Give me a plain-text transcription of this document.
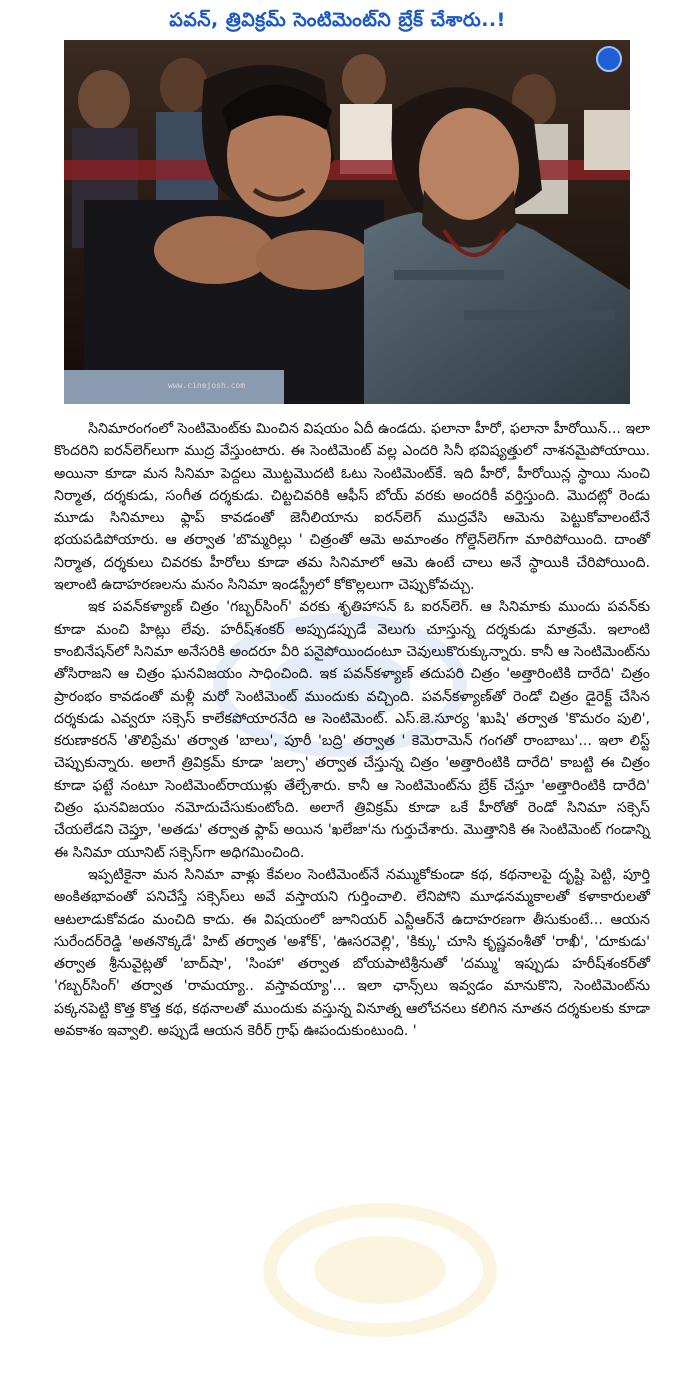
పవన్, త్రివిక్రమ్ సెంటిమెంట్‌ని బ్రేక్ చేశారు..!
www.cinejosh.com

సినిమారంగంలో సెంటిమెంట్‌కు మించిన విషయం ఏదీ ఉండదు. ఫలానా హీరో, ఫలానా హీరోయిన్... ఇలా కొందరిని ఐరన్‌లెగ్‌లుగా ముద్ర వేస్తుంటారు. ఈ సెంటిమెంట్ వల్ల ఎందరి సినీ భవిష్యత్తులో నాశనమైపోయాయి. అయినా కూడా మన సినిమా పెద్దలు మొట్టమొదటి ఓటు సెంటిమెంట్‌కే. ఇది హీరో, హీరోయిన్ల స్థాయి నుంచి నిర్మాత, దర్శకుడు, సంగీత దర్శకుడు. చిట్టచివరికి ఆఫీస్ బోయ్ వరకు అందరికీ వర్తిస్తుంది. మొదట్లో రెండు మూడు సినిమాలు ఫ్లాప్ కావడంతో జెనీలియాను ఐరన్‌లెగ్ ముద్రవేసి ఆమెను పెట్టుకోవాలంటేనే భయపడిపోయారు. ఆ తర్వాత 'బొమ్మరిల్లు ' చిత్రంతో ఆమె అమాంతం గోల్డెన్‌లెగ్‌గా మారిపోయింది. దాంతో నిర్మాత, దర్శకులు చివరకు హీరోలు కూడా తమ సినిమాలో ఆమె ఉంటే చాలు అనే స్థాయికి చేరిపోయింది. ఇలాంటి ఉదాహరణలను మనం సినిమా ఇండస్ట్రీలో కోకొల్లలుగా చెప్పుకోవచ్చు.

ఇక పవన్‌కళ్యాణ్ చిత్రం 'గబ్బర్‌సింగ్' వరకు శృతిహాసన్ ఓ ఐరన్‌లెగ్. ఆ సినిమాకు ముందు పవన్‌కు కూడా మంచి హిట్లు లేవు. హరీష్‌శంకర్ అప్పుడప్పుడే వెలుగు చూస్తున్న దర్శకుడు మాత్రమే. ఇలాంటి కాంబినేషన్‌లో సినిమా అనేసరికి అందరూ వీరి పనైపోయిందంటూ చెవులుకొరుక్కున్నారు. కానీ ఆ సెంటిమెంట్‌ను తోసిరాజని ఆ చిత్రం ఘనవిజయం సాధించింది. ఇక పవన్‌కళ్యాణ్ తదుపరి చిత్రం 'అత్తారింటికి దారేది' చిత్రం ప్రారంభం కావడంతో మళ్లీ మరో సెంటిమెంట్ ముందుకు వచ్చింది. పవన్‌కళ్యాణ్‌తో రెండో చిత్రం డైరెక్ట్ చేసిన దర్శకుడు ఎవ్వరూ సక్సెస్ కాలేకపోయారనేది ఆ సెంటిమెంట్. ఎస్.జె.సూర్య 'ఖుషి' తర్వాత 'కొమరం పులి', కరుణాకరన్ 'తొలిప్రేమ' తర్వాత 'బాలు', పూరీ 'బద్రి' తర్వాత ' కెమెరామెన్ గంగతో రాంబాబు'... ఇలా లిస్ట్ చెప్పుకున్నారు. అలాగే త్రివిక్రమ్ కూడా 'జల్సా' తర్వాత చేస్తున్న చిత్రం 'అత్తారింటికి దారేది' కాబట్టి ఈ చిత్రం కూడా ఫట్టే నంటూ సెంటిమెంట్‌రాయుళ్లు తేల్చేశారు. కానీ ఆ సెంటిమెంట్‌ను బ్రేక్ చేస్తూ 'అత్తారింటికి దారేది' చిత్రం ఘనవిజయం నమోదుచేసుకుంటోంది. అలాగే త్రివిక్రమ్ కూడా ఒకే హీరోతో రెండో సినిమా సక్సెస్ చేయలేడని చెప్తూ, 'అతడు' తర్వాత ఫ్లాప్ అయిన 'ఖలేజా'ను గుర్తుచేశారు. మొత్తానికి ఈ సెంటిమెంట్ గండాన్ని ఈ సినిమా యూనిట్ సక్సెస్‌గా అధిగమించింది.

ఇప్పటికైనా మన సినిమా వాళ్లు కేవలం సెంటిమెంట్‌నే నమ్ముకోకుండా కథ, కథనాలపై దృష్టి పెట్టి, పూర్తి అంకితభావంతో పనిచేస్తే సక్సెస్‌లు అవే వస్తాయని గుర్తించాలి. లేనిపోని మూఢనమ్మకాలతో కళాకారులతో ఆటలాడుకోవడం మంచిది కాదు. ఈ విషయంలో జూనియర్ ఎన్టీఆర్‌నే ఉదాహరణగా తీసుకుంటే... ఆయన సురేందర్‌రెడ్డి 'అతనొక్కడే' హిట్ తర్వాత 'అశోక్', 'ఊసరవెల్లి', 'కిక్కు' చూసి కృష్ణవంశీతో 'రాఖీ', 'దూకుడు' తర్వాత శ్రీనువైట్లతో 'బాద్‌షా', 'సింహా' తర్వాత బోయపాటిశ్రీనుతో 'దమ్ము' ఇప్పుడు హరీష్‌శంకర్‌తో 'గబ్బర్‌సింగ్' తర్వాత 'రామయ్యా.. వస్తావయ్యా'... ఇలా ఛాన్స్‌లు ఇవ్వడం మానుకొని, సెంటిమెంట్‌ను పక్కనపెట్టి కొత్త కొత్త కథ, కథనాలతో ముందుకు వస్తున్న వినూత్న ఆలోచనలు కలిగిన నూతన దర్శకులకు కూడా అవకాశం ఇవ్వాలి. అప్పుడే ఆయన కెరీర్ గ్రాఫ్ ఊపందుకుంటుంది. '
